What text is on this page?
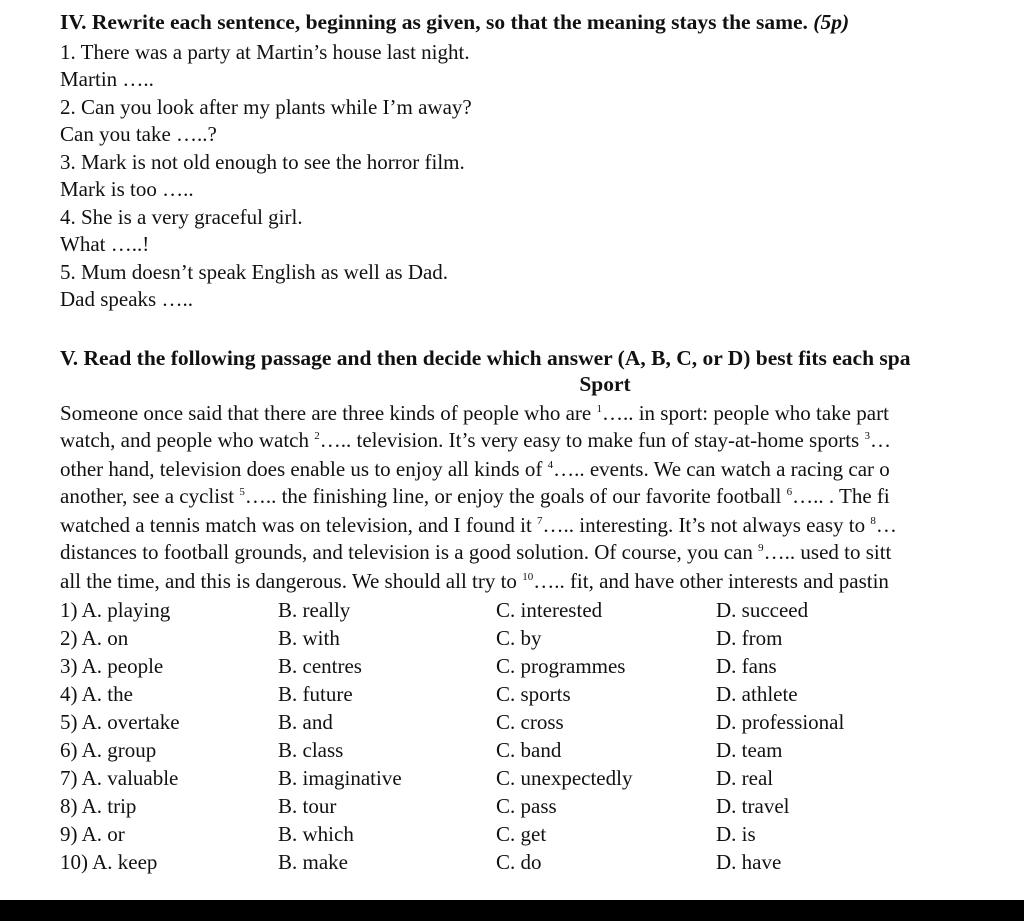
IV. Rewrite each sentence, beginning as given, so that the meaning stays the same. (5p)
1. There was a party at Martin’s house last night.
Martin …..
2. Can you look after my plants while I’m away?
Can you take …..?
3. Mark is not old enough to see the horror film.
Mark is too …..
4. She is a very graceful girl.
What …..!
5. Mum doesn’t speak English as well as Dad.
Dad speaks …..
V. Read the following passage and then decide which answer (A, B, C, or D) best fits each spa
Sport
Someone once said that there are three kinds of people who are $^1$….. in sport: people who take part
watch, and people who watch $^2$….. television. It’s very easy to make fun of stay-at-home sports $^3$…
other hand, television does enable us to enjoy all kinds of $^4$….. events. We can watch a racing car o
another, see a cyclist $^5$….. the finishing line, or enjoy the goals of our favorite football $^6$….. . The fi
watched a tennis match was on television, and I found it $^7$….. interesting. It’s not always easy to $^8$…
distances to football grounds, and television is a good solution. Of course, you can $^9$….. used to sitt
all the time, and this is dangerous. We should all try to $^{10}$….. fit, and have other interests and pastin
1) A. playing	B. really	C. interested	D. succeed
2) A. on	B. with	C. by	D. from
3) A. people	B. centres	C. programmes	D. fans
4) A. the	B. future	C. sports	D. athlete
5) A. overtake	B. and	C. cross	D. professional
6) A. group	B. class	C. band	D. team
7) A. valuable	B. imaginative	C. unexpectedly	D. real
8) A. trip	B. tour	C. pass	D. travel
9) A. or	B. which	C. get	D. is
10) A. keep	B. make	C. do	D. have
